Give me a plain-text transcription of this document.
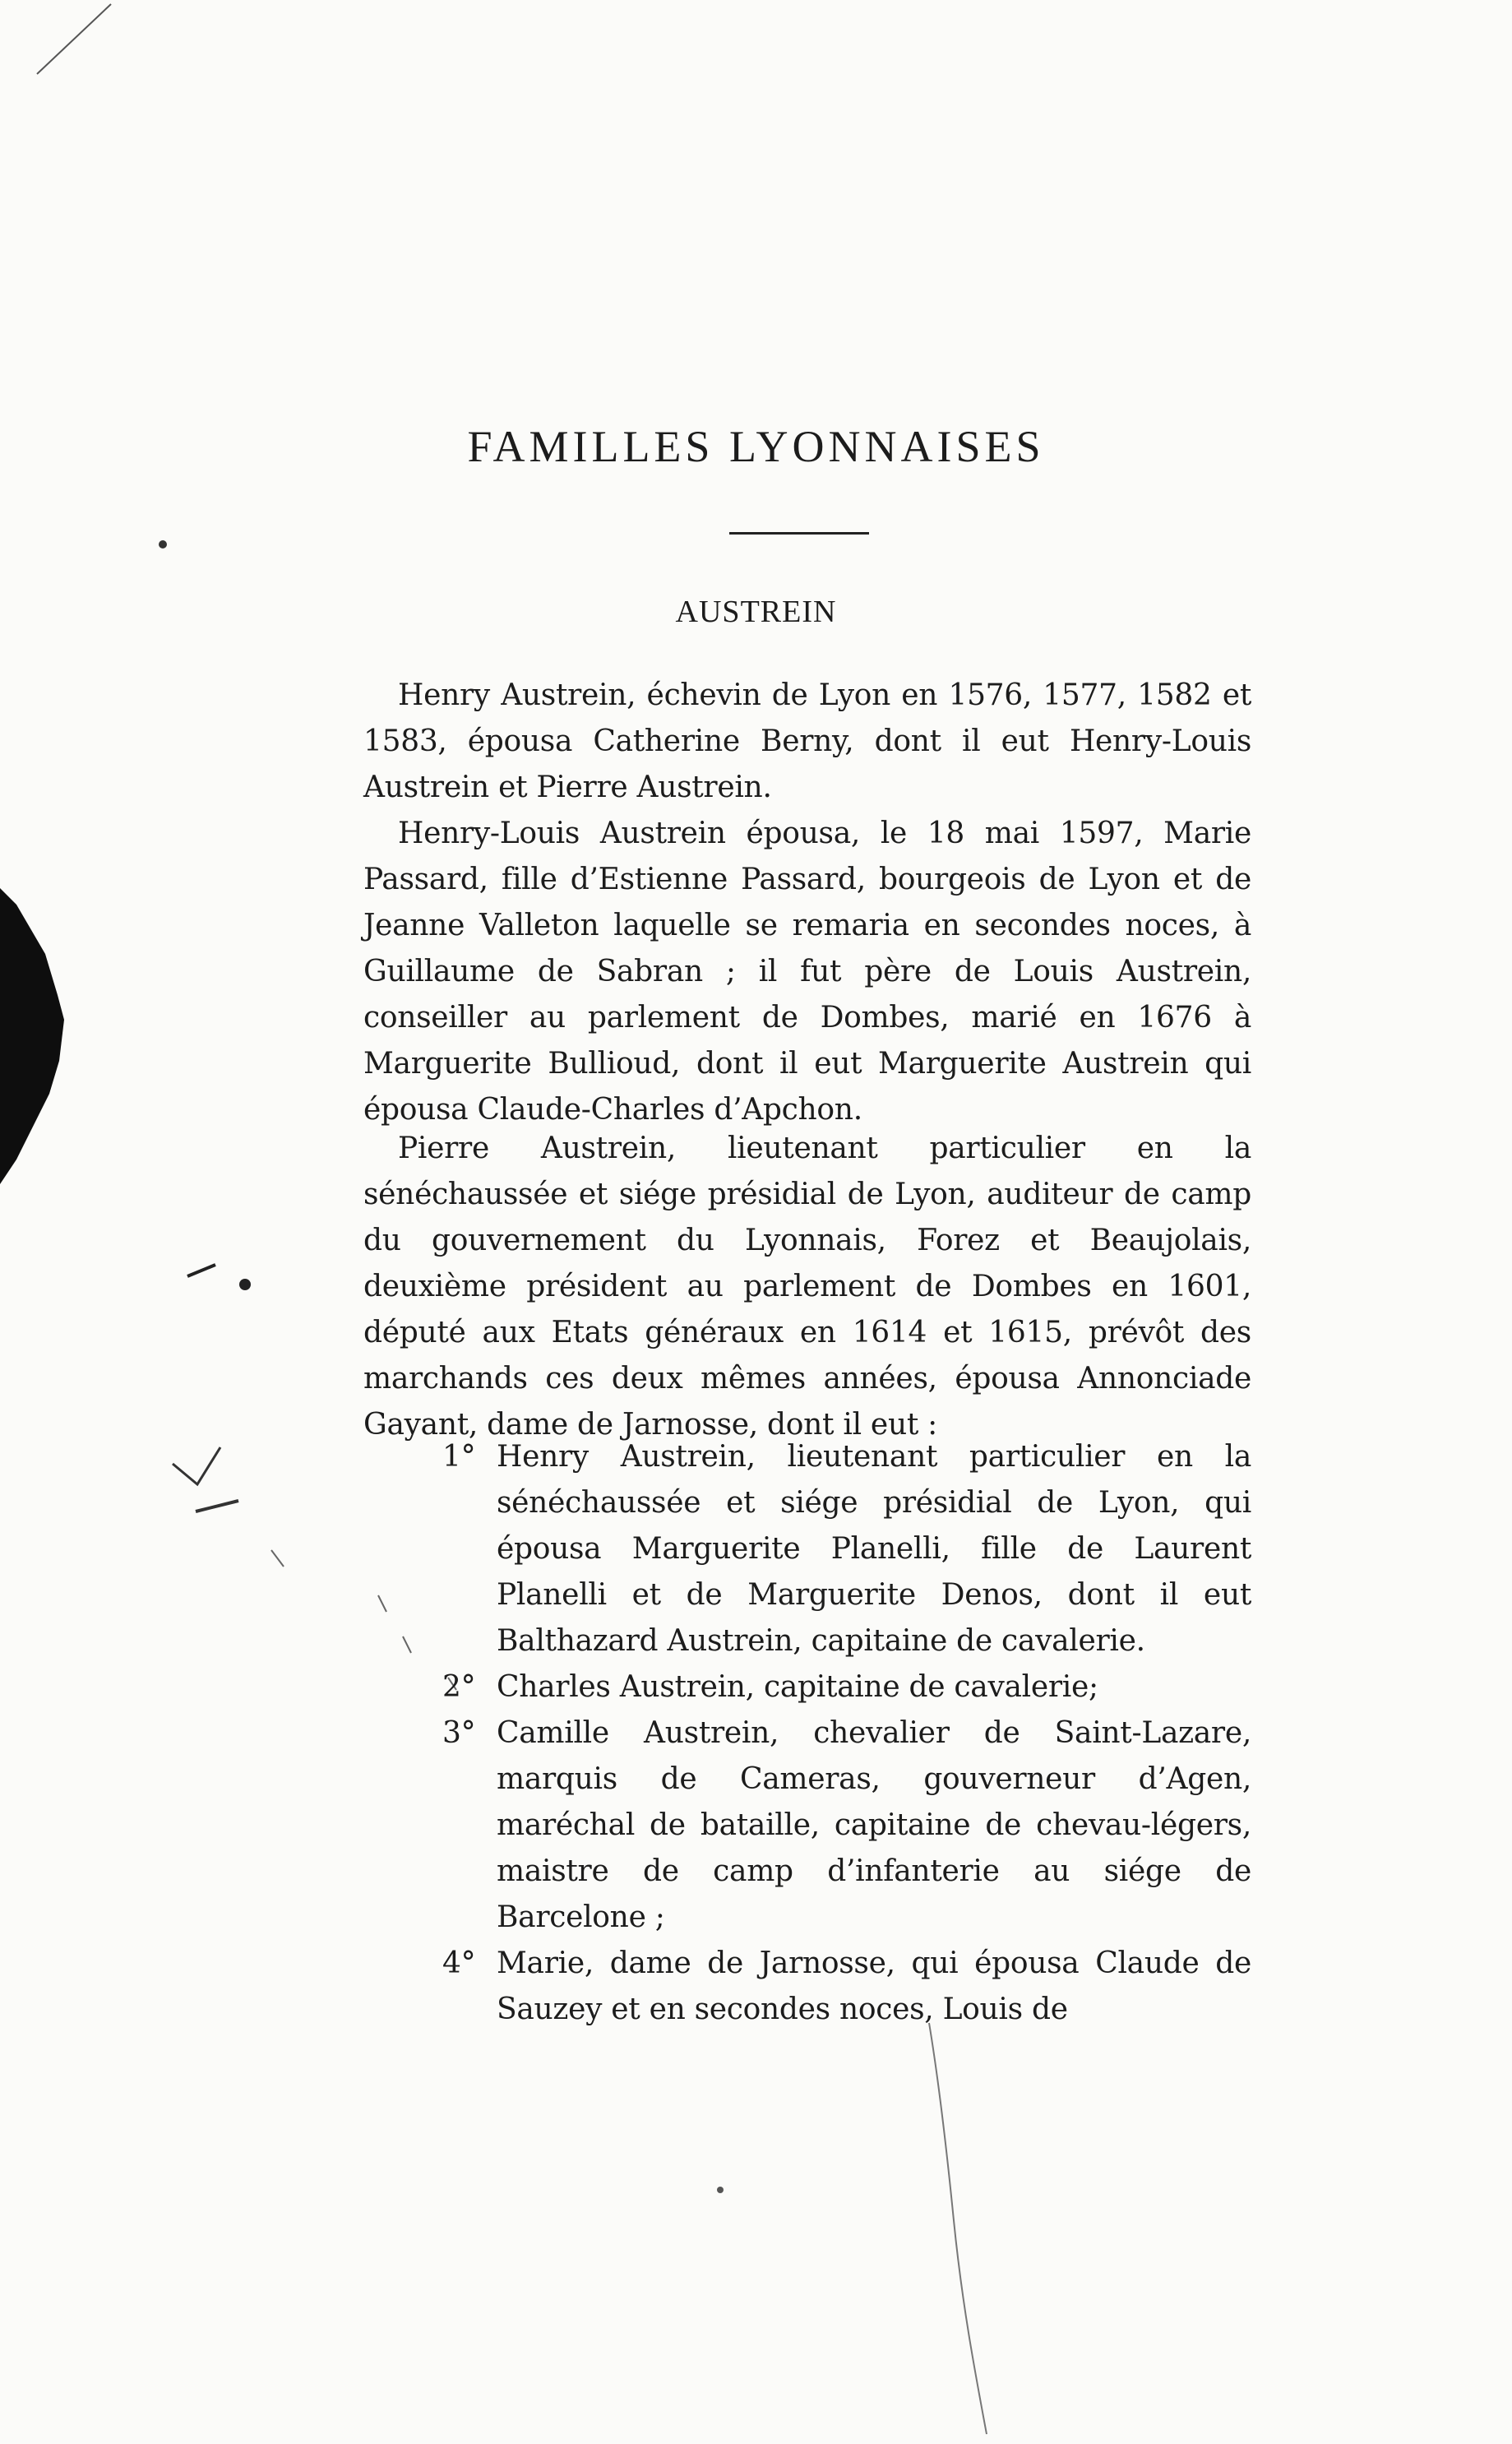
FAMILLES LYONNAISES
AUSTREIN

Henry Austrein, échevin de Lyon en 1576, 1577, 1582 et 1583, épousa Catherine Berny, dont il eut Henry-Louis Austrein et Pierre Austrein.

Henry-Louis Austrein épousa, le 18 mai 1597, Marie Passard, fille d’Estienne Passard, bourgeois de Lyon et de Jeanne Valleton laquelle se remaria en secondes noces, à Guillaume de Sabran ; il fut père de Louis Austrein, conseiller au parlement de Dombes, marié en 1676 à Marguerite Bullioud, dont il eut Marguerite Austrein qui épousa Claude-Charles d’Apchon.

Pierre Austrein, lieutenant particulier en la sénéchaussée et siége présidial de Lyon, auditeur de camp du gouvernement du Lyonnais, Forez et Beaujolais, deuxième président au parlement de Dombes en 1601, député aux Etats généraux en 1614 et 1615, prévôt des marchands ces deux mêmes années, épousa Annonciade Gayant, dame de Jarnosse, dont il eut :

1° Henry Austrein, lieutenant particulier en la sénéchaussée et siége présidial de Lyon, qui épousa Marguerite Planelli, fille de Laurent Planelli et de Marguerite Denos, dont il eut Balthazard Austrein, capitaine de cavalerie.
2° Charles Austrein, capitaine de cavalerie;
3° Camille Austrein, chevalier de Saint-Lazare, marquis de Cameras, gouverneur d’Agen, maréchal de bataille, capitaine de chevau-légers, maistre de camp d’infanterie au siége de Barcelone ;
4° Marie, dame de Jarnosse, qui épousa Claude de Sauzey et en secondes noces, Louis de
